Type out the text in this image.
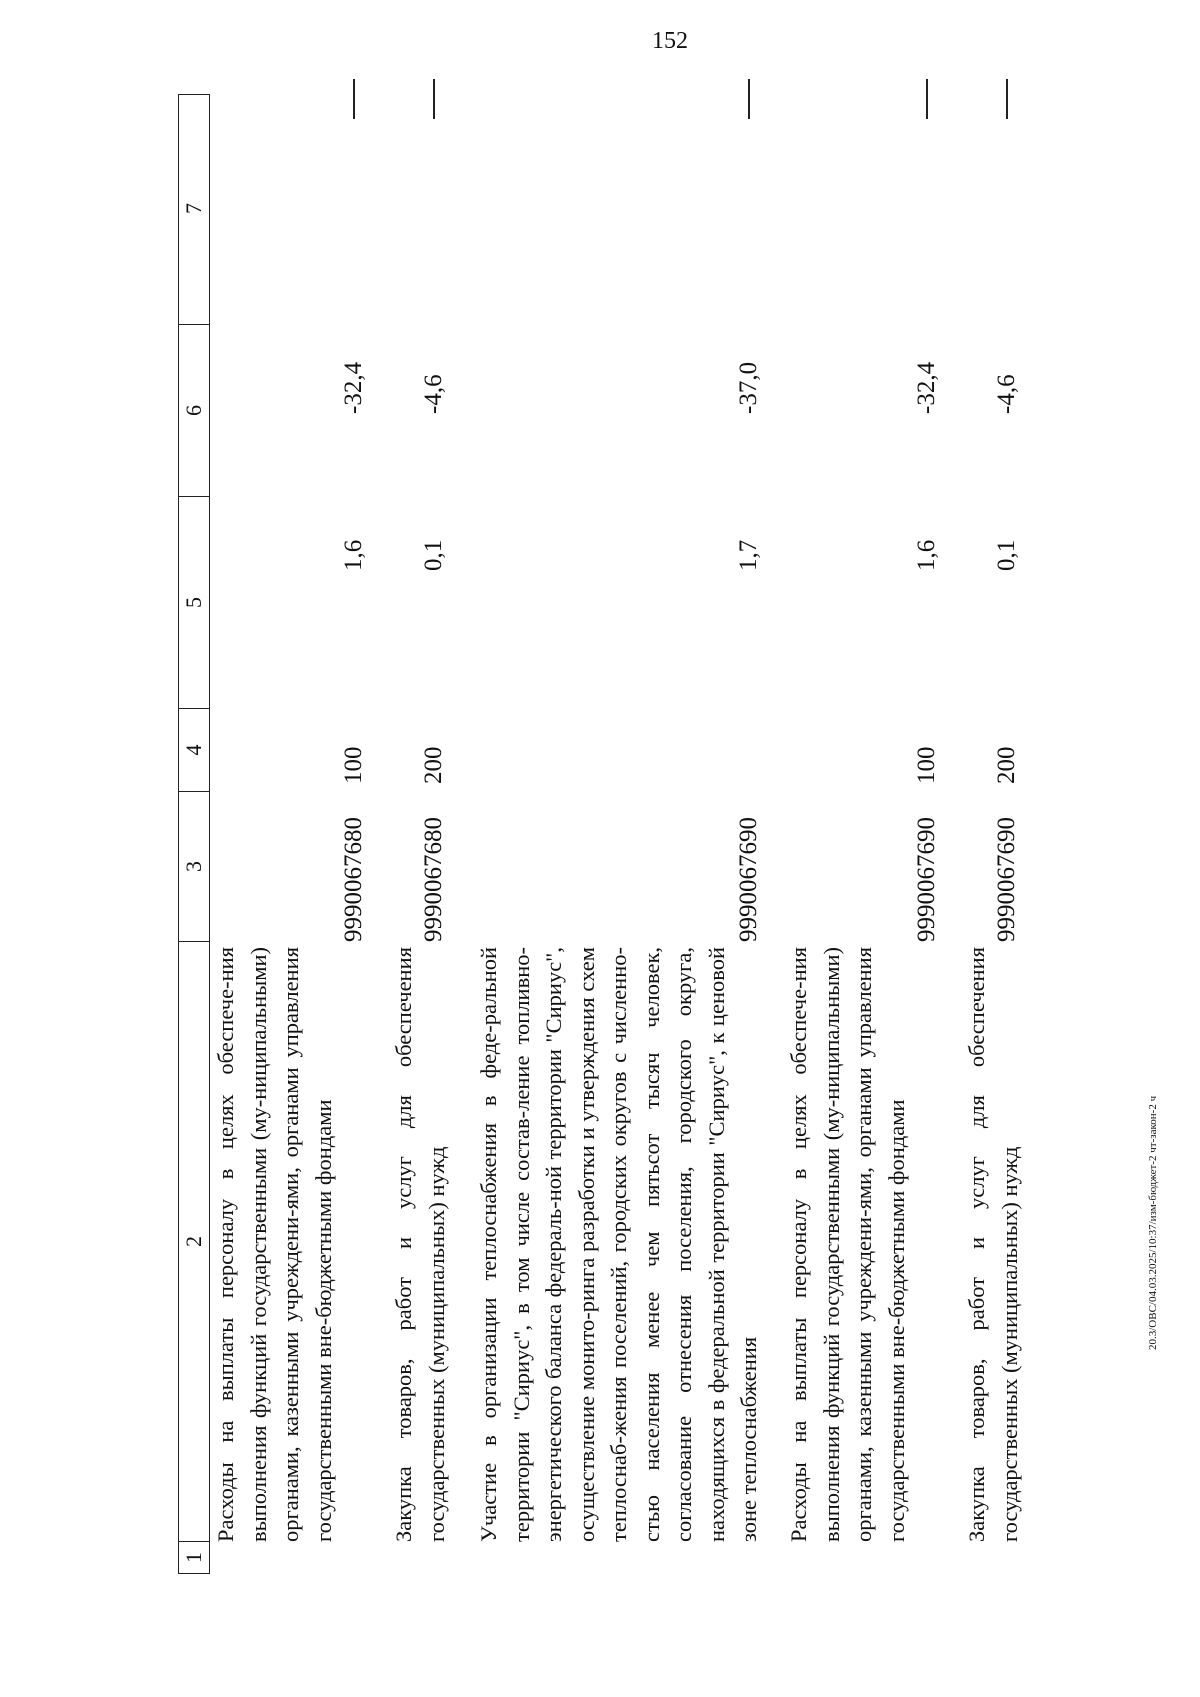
152
1
2
3
4
5
6
7
Расходы на выплаты персоналу в целях обеспече-ния выполнения функций государственными (му-ниципальными) органами, казенными учреждени-ями, органами управления государственными вне-бюджетными фондами
9990067680
100
1,6
-32,4
Закупка товаров, работ и услуг для обеспечения государственных (муниципальных) нужд
9990067680
200
0,1
-4,6
Участие в организации теплоснабжения в феде-ральной территории "Сириус", в том числе состав-ление топливно-энергетического баланса федераль-ной территории "Сириус", осуществление монито-ринга разработки и утверждения схем теплоснаб-жения поселений, городских округов с численно-стью населения менее чем пятьсот тысяч человек, согласование отнесения поселения, городского округа, находящихся в федеральной территории "Сириус", к ценовой зоне теплоснабжения
9990067690
1,7
-37,0
Расходы на выплаты персоналу в целях обеспече-ния выполнения функций государственными (му-ниципальными) органами, казенными учреждени-ями, органами управления государственными вне-бюджетными фондами
9990067690
100
1,6
-32,4
Закупка товаров, работ и услуг для обеспечения государственных (муниципальных) нужд
9990067690
200
0,1
-4,6
20.3/ОВС/04.03.2025/10:37/изм-бюджет-2 чт-закон-2 ч
